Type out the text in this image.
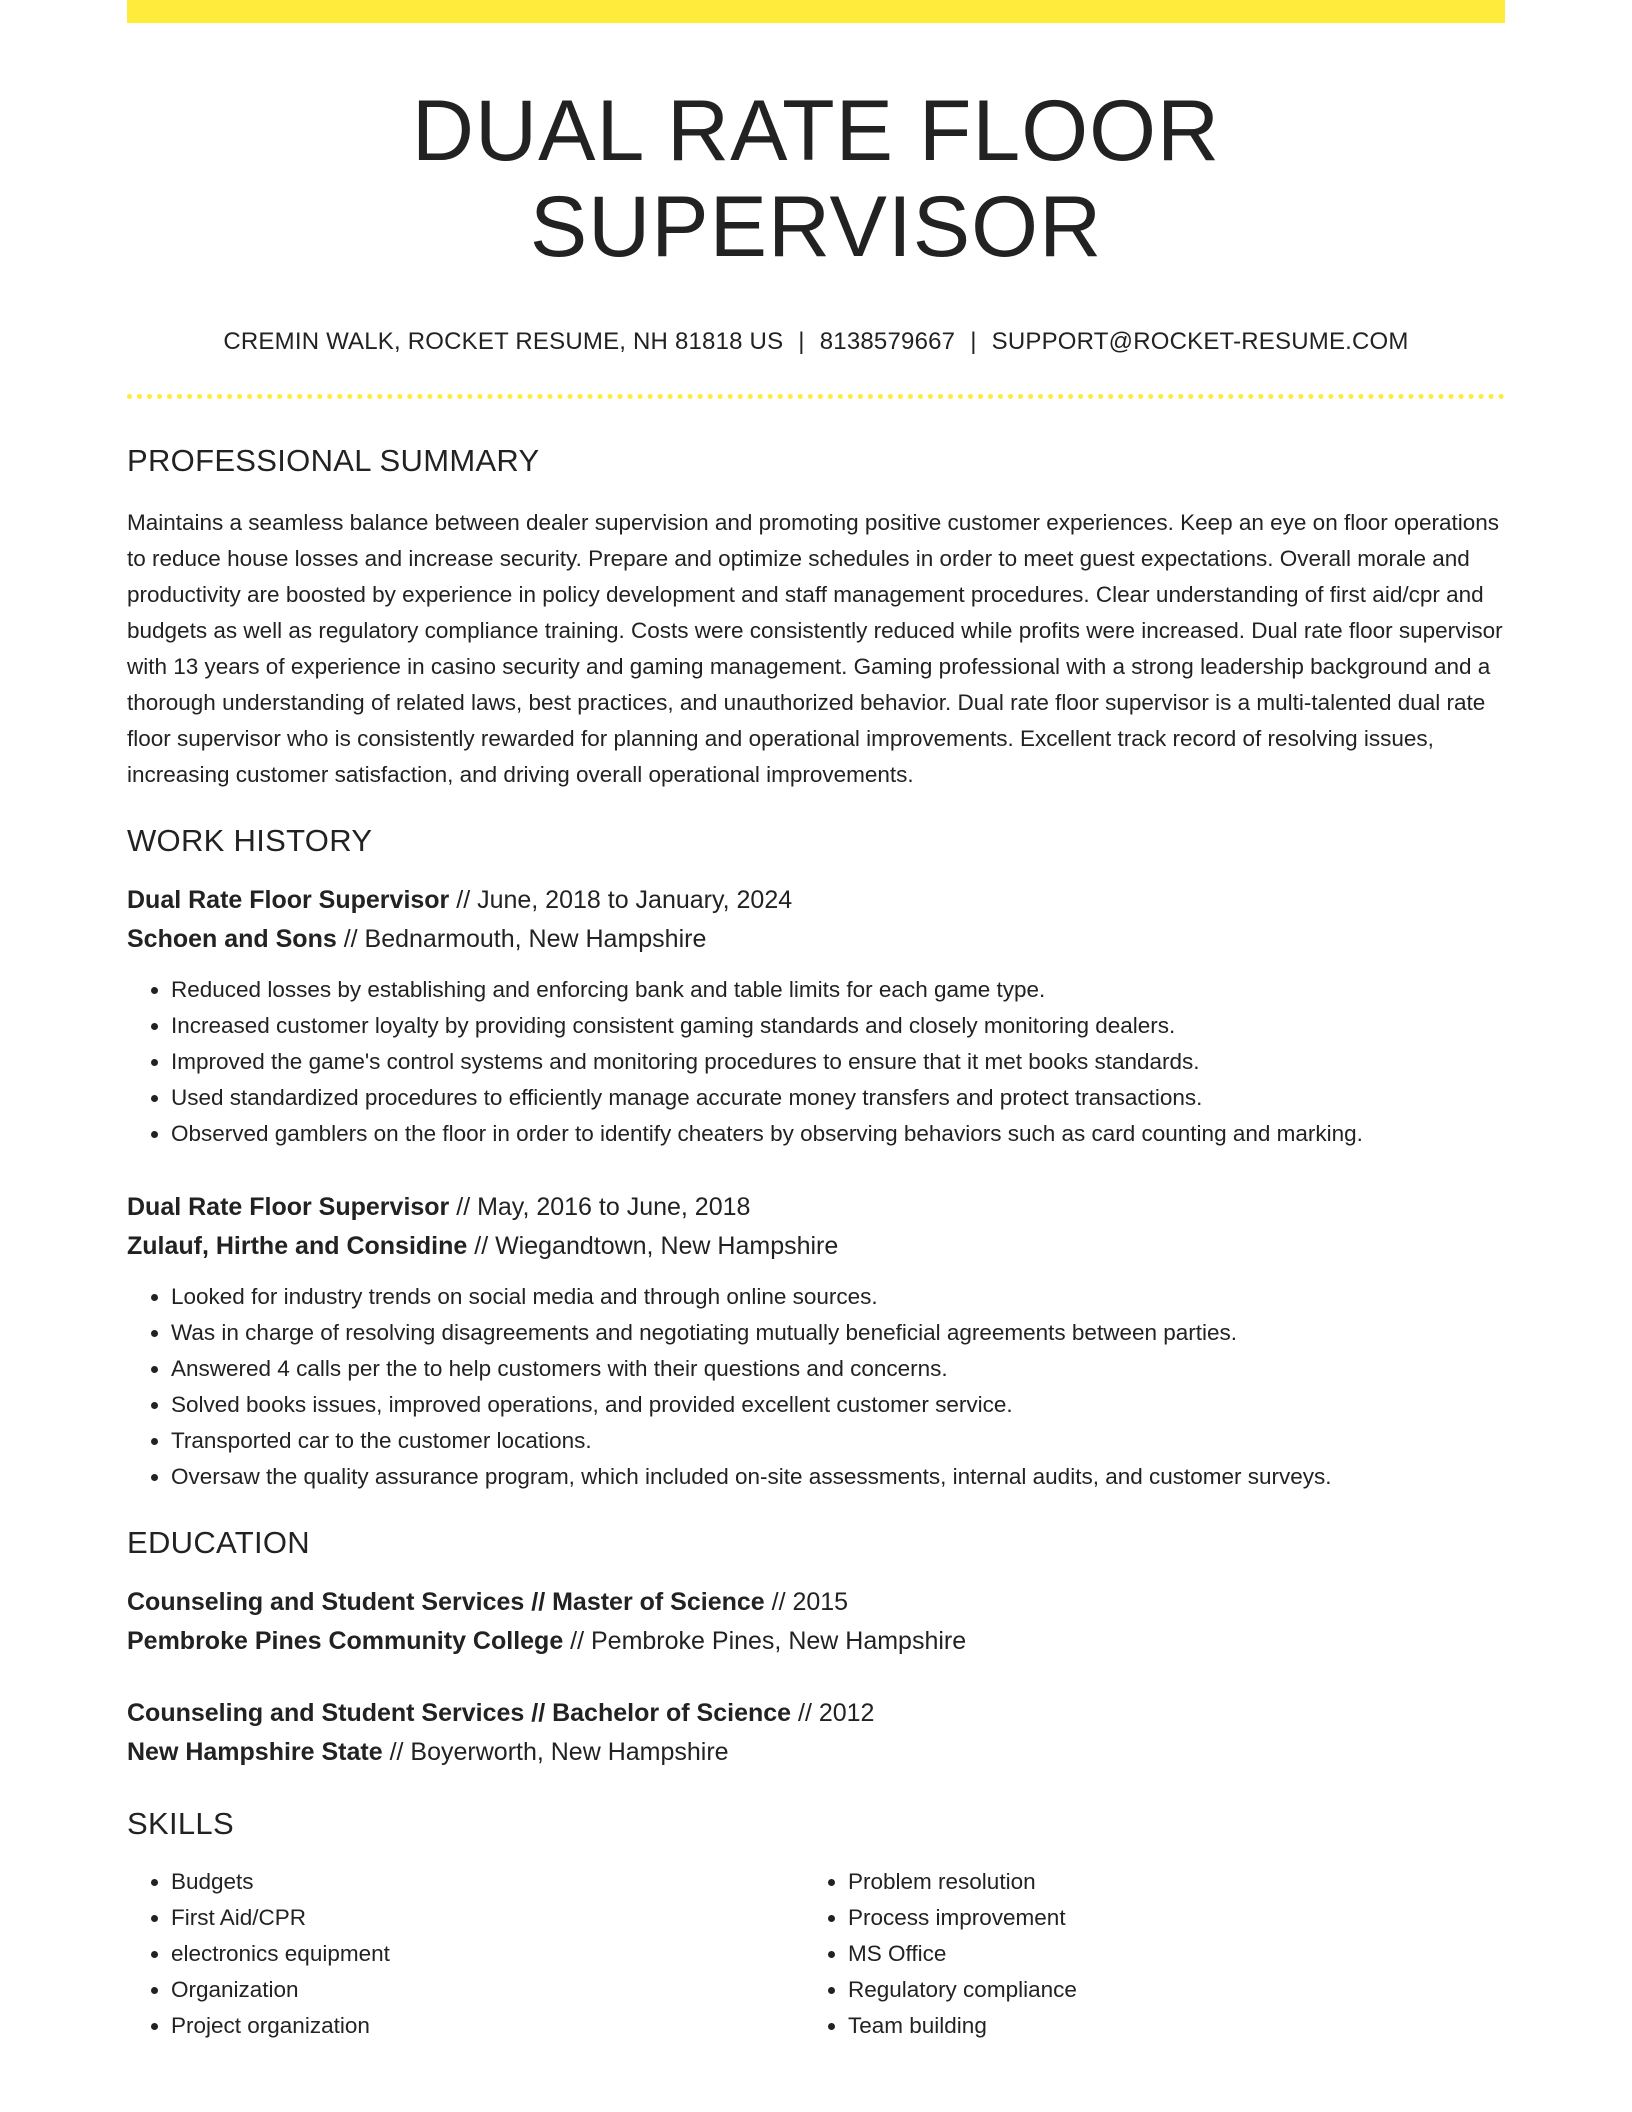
DUAL RATE FLOOR SUPERVISOR
CREMIN WALK, ROCKET RESUME, NH 81818 US | 8138579667 | SUPPORT@ROCKET-RESUME.COM
PROFESSIONAL SUMMARY
Maintains a seamless balance between dealer supervision and promoting positive customer experiences. Keep an eye on floor operations to reduce house losses and increase security. Prepare and optimize schedules in order to meet guest expectations. Overall morale and productivity are boosted by experience in policy development and staff management procedures. Clear understanding of first aid/cpr and budgets as well as regulatory compliance training. Costs were consistently reduced while profits were increased. Dual rate floor supervisor with 13 years of experience in casino security and gaming management. Gaming professional with a strong leadership background and a thorough understanding of related laws, best practices, and unauthorized behavior. Dual rate floor supervisor is a multi-talented dual rate floor supervisor who is consistently rewarded for planning and operational improvements. Excellent track record of resolving issues, increasing customer satisfaction, and driving overall operational improvements.
WORK HISTORY
Dual Rate Floor Supervisor // June, 2018 to January, 2024
Schoen and Sons // Bednarmouth, New Hampshire
• Reduced losses by establishing and enforcing bank and table limits for each game type.
• Increased customer loyalty by providing consistent gaming standards and closely monitoring dealers.
• Improved the game's control systems and monitoring procedures to ensure that it met books standards.
• Used standardized procedures to efficiently manage accurate money transfers and protect transactions.
• Observed gamblers on the floor in order to identify cheaters by observing behaviors such as card counting and marking.
Dual Rate Floor Supervisor // May, 2016 to June, 2018
Zulauf, Hirthe and Considine // Wiegandtown, New Hampshire
• Looked for industry trends on social media and through online sources.
• Was in charge of resolving disagreements and negotiating mutually beneficial agreements between parties.
• Answered 4 calls per the to help customers with their questions and concerns.
• Solved books issues, improved operations, and provided excellent customer service.
• Transported car to the customer locations.
• Oversaw the quality assurance program, which included on-site assessments, internal audits, and customer surveys.
EDUCATION
Counseling and Student Services // Master of Science // 2015
Pembroke Pines Community College // Pembroke Pines, New Hampshire
Counseling and Student Services // Bachelor of Science // 2012
New Hampshire State // Boyerworth, New Hampshire
SKILLS
• Budgets
• First Aid/CPR
• electronics equipment
• Organization
• Project organization
• Problem resolution
• Process improvement
• MS Office
• Regulatory compliance
• Team building
